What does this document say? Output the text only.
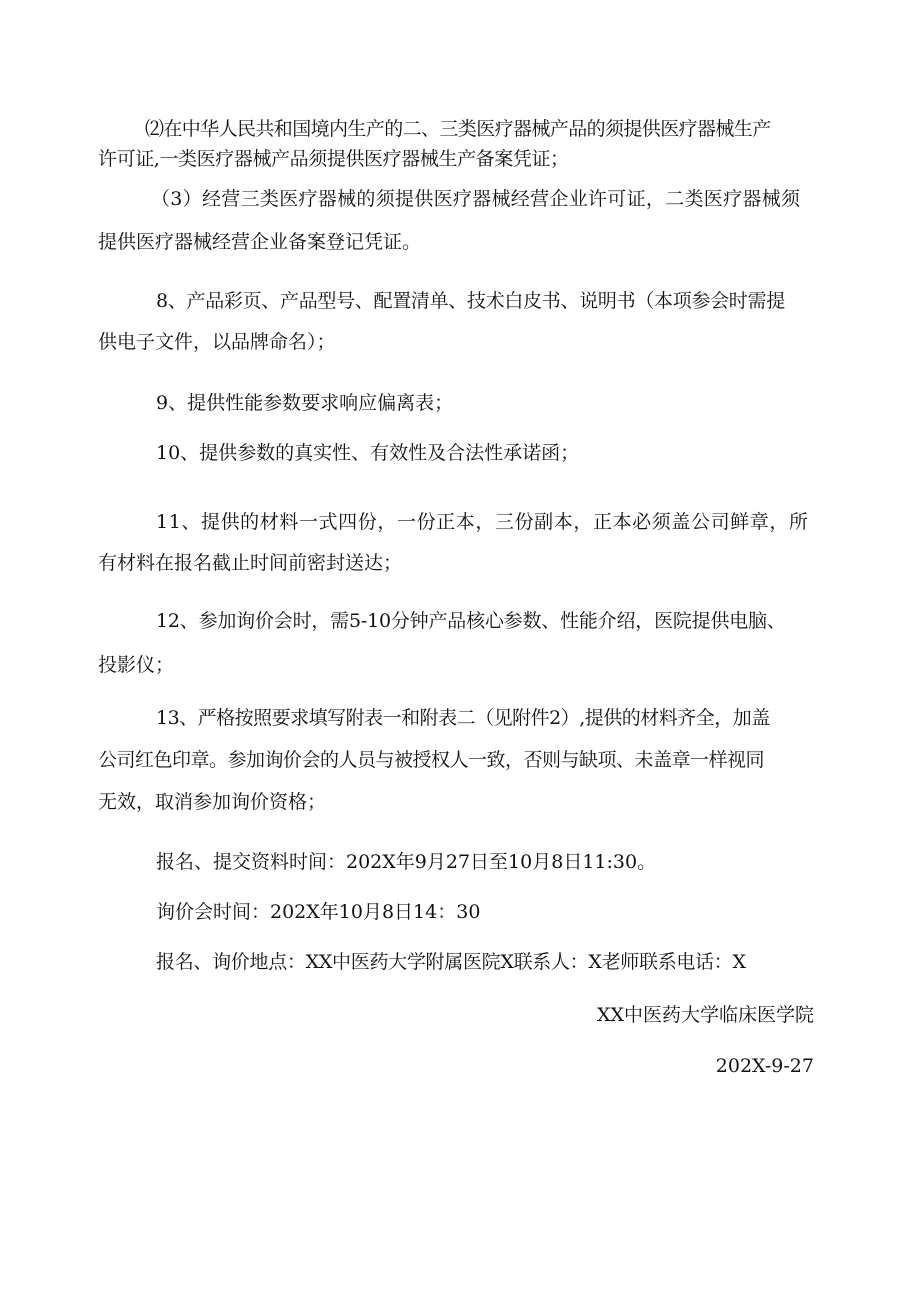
⑵在中华人民共和国境内生产的二、三类医疗器械产品的须提供医疗器械生产
许可证,一类医疗器械产品须提供医疗器械生产备案凭证；
（3）经营三类医疗器械的须提供医疗器械经营企业许可证，二类医疗器械须
提供医疗器械经营企业备案登记凭证。
8、产品彩页、产品型号、配置清单、技术白皮书、说明书（本项参会时需提
供电子文件，以品牌命名）；
9、提供性能参数要求响应偏离表；
10、提供参数的真实性、有效性及合法性承诺函；
11、提供的材料一式四份，一份正本，三份副本，正本必须盖公司鲜章，所
有材料在报名截止时间前密封送达；
12、参加询价会时，需5-10分钟产品核心参数、性能介绍，医院提供电脑、
投影仪；
13、严格按照要求填写附表一和附表二（见附件2）,提供的材料齐全，加盖
公司红色印章。参加询价会的人员与被授权人一致，否则与缺项、未盖章一样视同
无效，取消参加询价资格；
报名、提交资料时间：202X年9月27日至10月8日11:30。
询价会时间：202X年10月8日14：30
报名、询价地点：XX中医药大学附属医院X联系人：X老师联系电话：X
XX中医药大学临床医学院
202X-9-27
